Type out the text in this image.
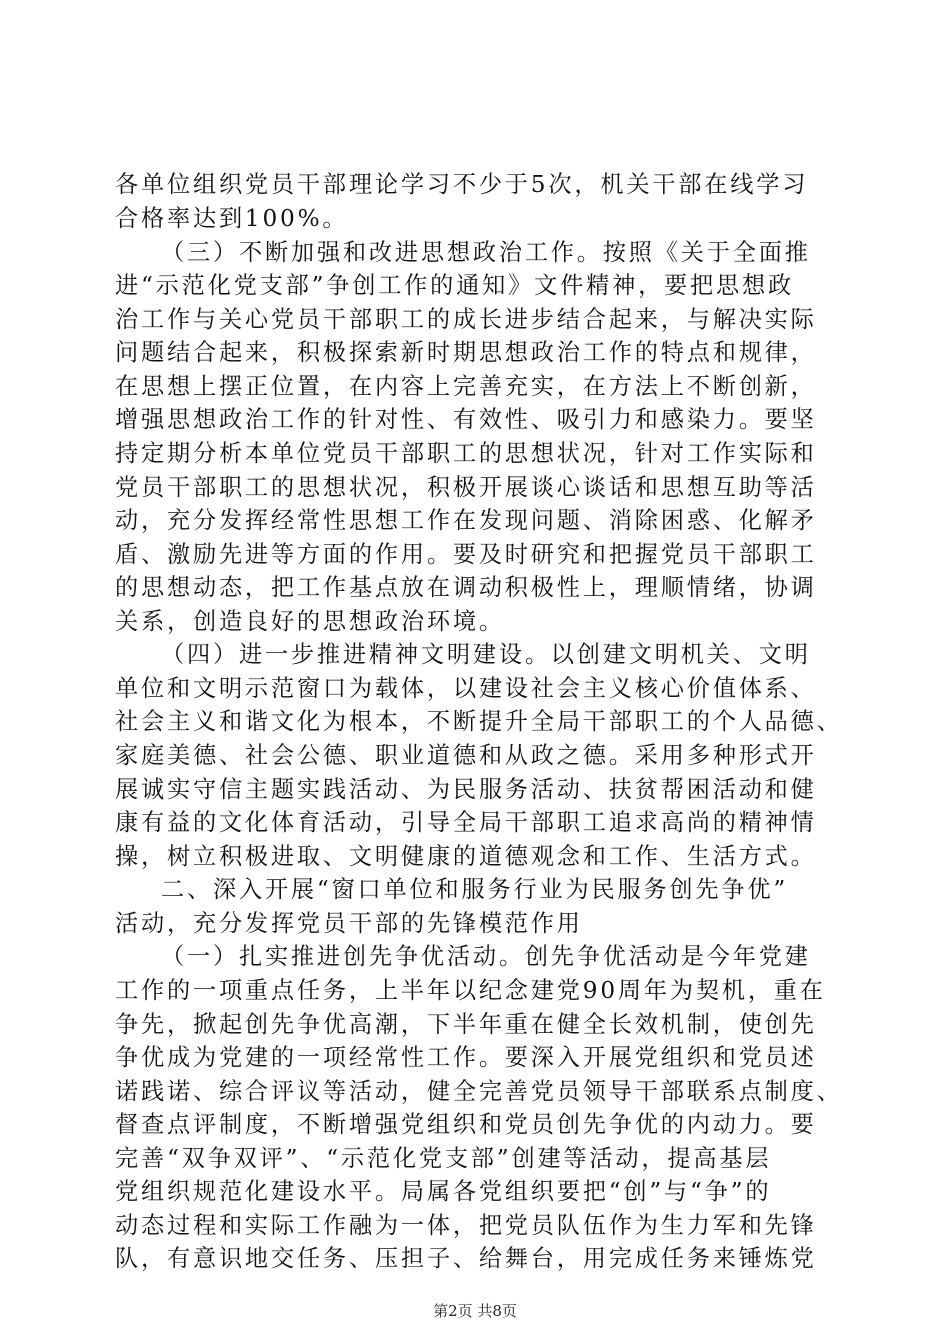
各单位组织党员干部理论学习不少于5次，机关干部在线学习
合格率达到100%。
（三）不断加强和改进思想政治工作。按照《关于全面推
进“示范化党支部”争创工作的通知》文件精神，要把思想政
治工作与关心党员干部职工的成长进步结合起来，与解决实际
问题结合起来，积极探索新时期思想政治工作的特点和规律，
在思想上摆正位置，在内容上完善充实，在方法上不断创新，
增强思想政治工作的针对性、有效性、吸引力和感染力。要坚
持定期分析本单位党员干部职工的思想状况，针对工作实际和
党员干部职工的思想状况，积极开展谈心谈话和思想互助等活
动，充分发挥经常性思想工作在发现问题、消除困惑、化解矛
盾、激励先进等方面的作用。要及时研究和把握党员干部职工
的思想动态，把工作基点放在调动积极性上，理顺情绪，协调
关系，创造良好的思想政治环境。
（四）进一步推进精神文明建设。以创建文明机关、文明
单位和文明示范窗口为载体，以建设社会主义核心价值体系、
社会主义和谐文化为根本，不断提升全局干部职工的个人品德、
家庭美德、社会公德、职业道德和从政之德。采用多种形式开
展诚实守信主题实践活动、为民服务活动、扶贫帮困活动和健
康有益的文化体育活动，引导全局干部职工追求高尚的精神情
操，树立积极进取、文明健康的道德观念和工作、生活方式。
二、深入开展“窗口单位和服务行业为民服务创先争优”
活动，充分发挥党员干部的先锋模范作用
（一）扎实推进创先争优活动。创先争优活动是今年党建
工作的一项重点任务，上半年以纪念建党90周年为契机，重在
争先，掀起创先争优高潮，下半年重在健全长效机制，使创先
争优成为党建的一项经常性工作。要深入开展党组织和党员述
诺践诺、综合评议等活动，健全完善党员领导干部联系点制度、
督查点评制度，不断增强党组织和党员创先争优的内动力。要
完善“双争双评”、“示范化党支部”创建等活动，提高基层
党组织规范化建设水平。局属各党组织要把“创”与“争”的
动态过程和实际工作融为一体，把党员队伍作为生力军和先锋
队，有意识地交任务、压担子、给舞台，用完成任务来锤炼党
第2页 共8页
